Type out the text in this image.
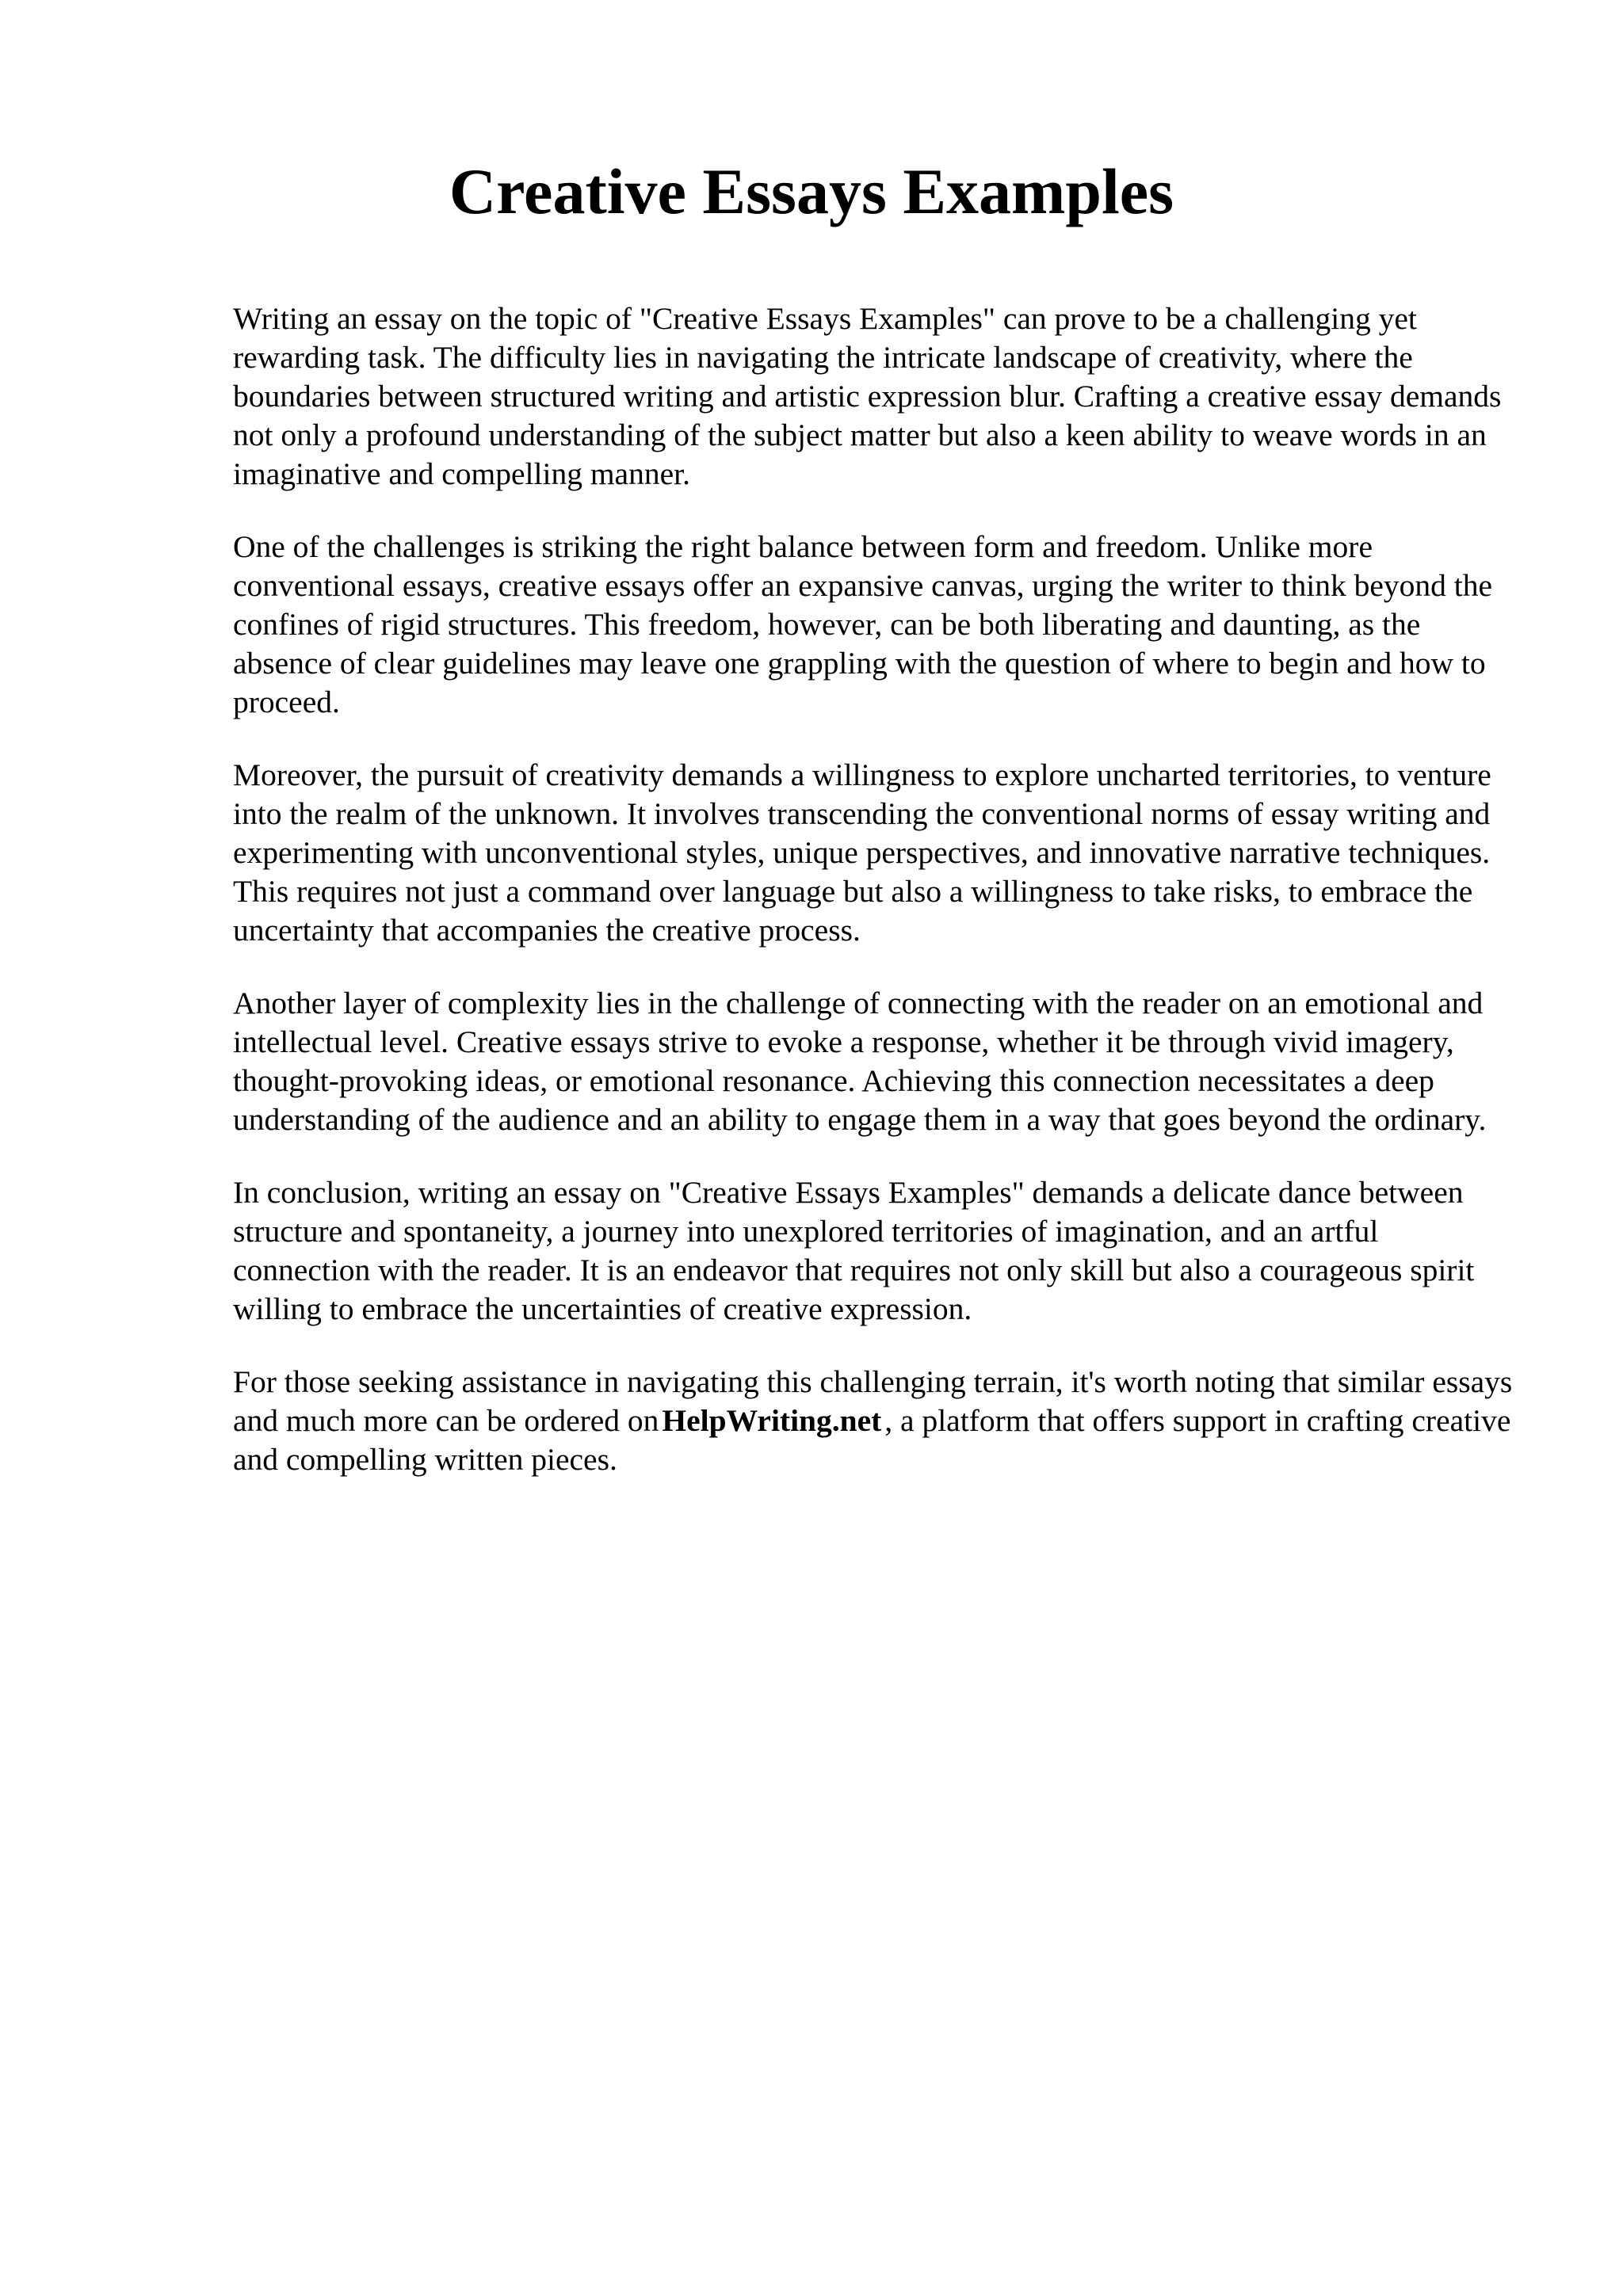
Creative Essays Examples

Writing an essay on the topic of "Creative Essays Examples" can prove to be a challenging yet rewarding task. The difficulty lies in navigating the intricate landscape of creativity, where the boundaries between structured writing and artistic expression blur. Crafting a creative essay demands not only a profound understanding of the subject matter but also a keen ability to weave words in an imaginative and compelling manner.

One of the challenges is striking the right balance between form and freedom. Unlike more conventional essays, creative essays offer an expansive canvas, urging the writer to think beyond the confines of rigid structures. This freedom, however, can be both liberating and daunting, as the absence of clear guidelines may leave one grappling with the question of where to begin and how to proceed.

Moreover, the pursuit of creativity demands a willingness to explore uncharted territories, to venture into the realm of the unknown. It involves transcending the conventional norms of essay writing and experimenting with unconventional styles, unique perspectives, and innovative narrative techniques. This requires not just a command over language but also a willingness to take risks, to embrace the uncertainty that accompanies the creative process.

Another layer of complexity lies in the challenge of connecting with the reader on an emotional and intellectual level. Creative essays strive to evoke a response, whether it be through vivid imagery, thought-provoking ideas, or emotional resonance. Achieving this connection necessitates a deep understanding of the audience and an ability to engage them in a way that goes beyond the ordinary.

In conclusion, writing an essay on "Creative Essays Examples" demands a delicate dance between structure and spontaneity, a journey into unexplored territories of imagination, and an artful connection with the reader. It is an endeavor that requires not only skill but also a courageous spirit willing to embrace the uncertainties of creative expression.

For those seeking assistance in navigating this challenging terrain, it's worth noting that similar essays and much more can be ordered on HelpWriting.net , a platform that offers support in crafting creative and compelling written pieces.
